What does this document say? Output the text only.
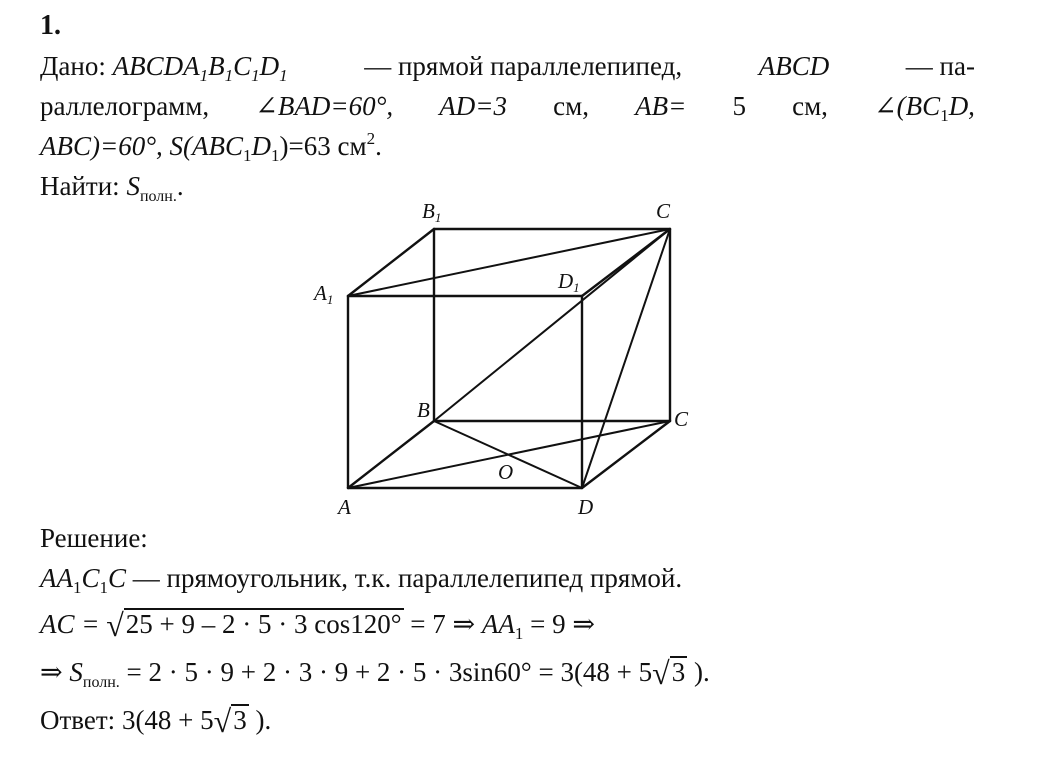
1.
Дано: $ABCDA_1B_1C_1D_1$	— прямой параллелепипед,	ABCD	— па-
раллелограмм, ∠BAD=60°, AD=3 см, AB= 5 см, $\angle(BC_1D$,
ABC)=60°, $S(ABC_1D_1)=63$ $см^2$.
Найти: $S_{полн.}$.
B1	C
A1
D1
B	C
O
A	D
Решение:
$AA_1C_1C$ — прямоугольник, т.к. параллелепипед прямой.
AC = √25 + 9 – 2 · 5 · 3 cos120° = 7 ⇒ $AA_1 = 9$ ⇒
⇒ $S_{полн.} = 2 \cdot 5 \cdot 9 + 2 \cdot 3 \cdot 9 + 2 \cdot 5 \cdot 3\sin 60^\circ = 3(48 + 5√3$ ).
Ответ: 3(48 + 5√3 ).
